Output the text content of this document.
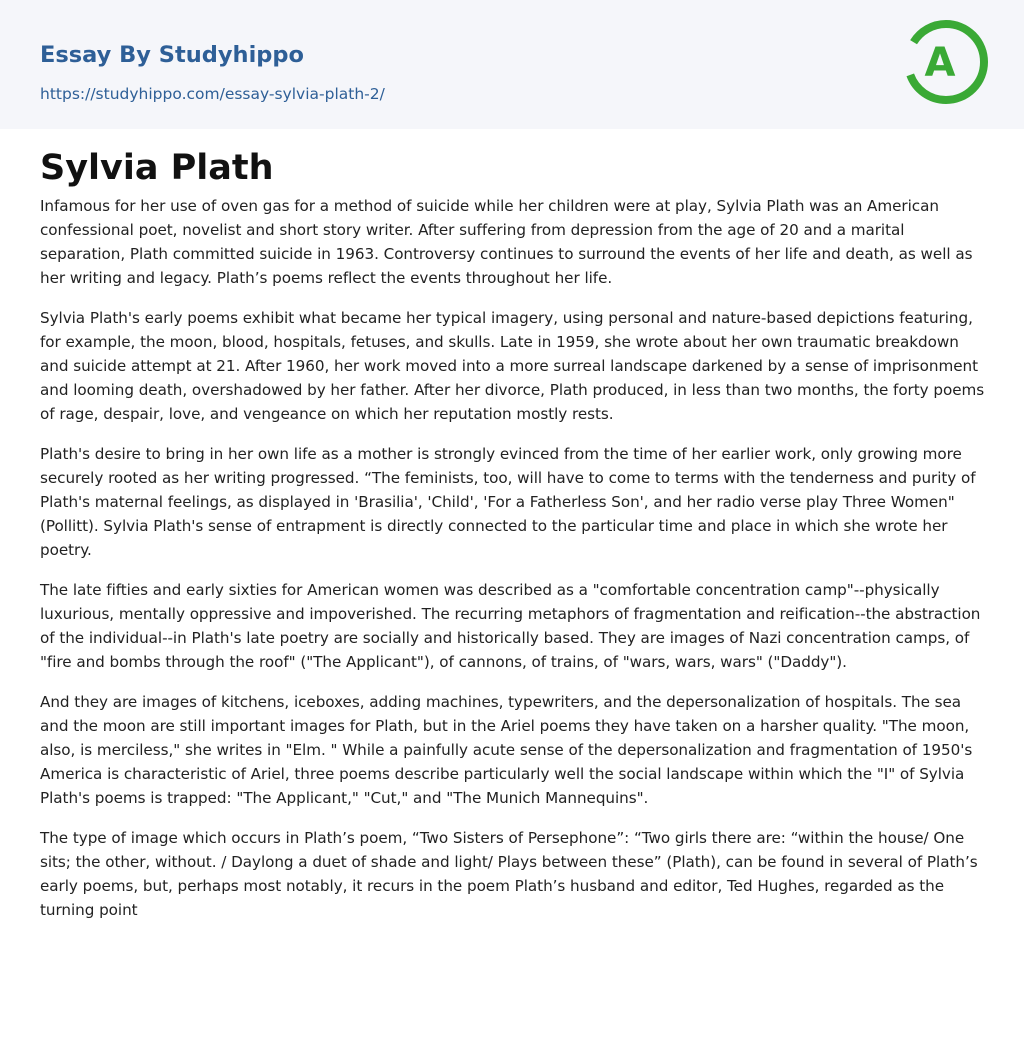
Essay By Studyhippo
https://studyhippo.com/essay-sylvia-plath-2/
A
Sylvia Plath

Infamous for her use of oven gas for a method of suicide while her children were at play, Sylvia Plath was an American confessional poet, novelist and short story writer. After suffering from depression from the age of 20 and a marital separation, Plath committed suicide in 1963. Controversy continues to surround the events of her life and death, as well as her writing and legacy. Plath’s poems reflect the events throughout her life.

Sylvia Plath's early poems exhibit what became her typical imagery, using personal and nature-based depictions featuring, for example, the moon, blood, hospitals, fetuses, and skulls. Late in 1959, she wrote about her own traumatic breakdown and suicide attempt at 21. After 1960, her work moved into a more surreal landscape darkened by a sense of imprisonment and looming death, overshadowed by her father. After her divorce, Plath produced, in less than two months, the forty poems of rage, despair, love, and vengeance on which her reputation mostly rests.

Plath's desire to bring in her own life as a mother is strongly evinced from the time of her earlier work, only growing more securely rooted as her writing progressed. “The feminists, too, will have to come to terms with the tenderness and purity of Plath's maternal feelings, as displayed in 'Brasilia', 'Child', 'For a Fatherless Son', and her radio verse play Three Women" (Pollitt). Sylvia Plath's sense of entrapment is directly connected to the particular time and place in which she wrote her poetry.

The late fifties and early sixties for American women was described as a "comfortable concentration camp"--physically luxurious, mentally oppressive and impoverished. The recurring metaphors of fragmentation and reification--the abstraction of the individual--in Plath's late poetry are socially and historically based. They are images of Nazi concentration camps, of "fire and bombs through the roof" ("The Applicant"), of cannons, of trains, of "wars, wars, wars" ("Daddy").

And they are images of kitchens, iceboxes, adding machines, typewriters, and the depersonalization of hospitals. The sea and the moon are still important images for Plath, but in the Ariel poems they have taken on a harsher quality. "The moon, also, is merciless," she writes in "Elm. " While a painfully acute sense of the depersonalization and fragmentation of 1950's America is characteristic of Ariel, three poems describe particularly well the social landscape within which the "I" of Sylvia Plath's poems is trapped: "The Applicant," "Cut," and "The Munich Mannequins".

The type of image which occurs in Plath’s poem, “Two Sisters of Persephone”: “Two girls there are: “within the house/ One sits; the other, without. / Daylong a duet of shade and light/ Plays between these” (Plath), can be found in several of Plath’s early poems, but, perhaps most notably, it recurs in the poem Plath’s husband and editor, Ted Hughes, regarded as the turning point
